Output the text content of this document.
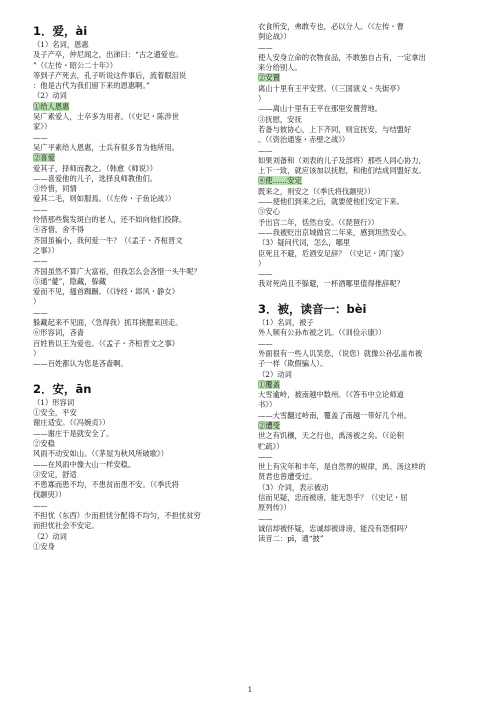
1．爱，ài
（1）名词，恩惠
及子产卒，仲尼闻之，出涕曰：“古之遗爱也。
”（《左传・昭公二十年》）
等到子产死去，孔子听说这件事后，流着眼泪说
：他是古代为我们留下来的恩惠啊。”
（2）动词
①给人恩惠
吴广素爱人，士卒多为用者。（《史记・陈涉世
家》）
——
吴广平素给人恩惠，士兵有很多肯为他所用。
②喜爱
爱其子，择师而教之。（韩愈《师说》）
——喜爱他的儿子，选择良师教他们。
③怜惜，同情
爱其二毛，则如服焉。（《左传・子鱼论战》）
——
怜惜那些鬓发斑白的老人，还不如向他们投降。
④吝惜，舍不得
齐国虽褊小，我何爱一牛？（《孟子・齐桓晋文
之事》）
——
齐国虽然不算广大富裕，但我怎么会吝惜一头牛呢？
⑤通“薆”，隐藏，躲藏
爱而不见，搔首踟蹰。（《诗经・邶风・静女》
）
——
躲藏起来不见面，（急得我）抓耳挠腮来回走。
⑥形容词，吝啬
百姓皆以王为爱也。（《孟子・齐桓晋文之事》
）
——百姓都认为您是吝啬啊。

2．安，ān
（1）形容词
①安全，平安
谢庄适安。（《冯婉贞》）
——谢庄于是就安全了。
②安稳
风雨不动安如山。（《茅屋为秋风所破歌》）
——在风雨中像大山一样安稳。
③安定，舒适
不患寡而患不均，不患贫而患不安。（《季氏将
伐颛臾》）
——
不担忧（东西）少而担忧分配得不均匀，不担忧贫穷
而担忧社会不安定。
（2）动词
①安身
衣食所安，弗敢专也，必以分人。（《左传・曹
刿论战》）
——
使人安身立命的衣物食品，不敢独自占有，一定拿出
来分给别人。
②安置
离山十里有王平安营。（《三国演义・失街亭》
）
——离山十里有王平在那里安置营地。
③抚慰，安抚
若备与彼协心，上下齐同，则宜抚安，与结盟好
。（《资治通鉴・赤壁之战》）
——
如果刘备和（刘表的儿子及部将）那些人同心协力，
上下一致，就应该加以抚慰，和他们结成同盟好友。
④使……安定
既来之，则安之（《季氏将伐颛臾》）
——使他们到来之后，就要使他们安定下来。
⑤安心
予出宫二年，恬然自安。（《琵琶行》）
——我被贬出京城做官二年来，感到坦然安心。
（3）疑问代词，怎么，哪里
臣死且不避，卮酒安足辞？（《史记・鸿门宴》
）
——
我对死尚且不躲避，一杯酒哪里值得推辞呢？

3．被，读音一：bèi
（1）名词，被子
外人频有公孙布被之讥。（《训俭示康》）
——
外面很有一些人讥笑您，（说您）就像公孙弘盖布被
子一样（欺假骗人）。
（2）动词
①覆盖
大雪逾岭，被南越中数州。（《答韦中立论师道
书》）
——大雪翻过岭南，覆盖了南越一带好几个州。
②遭受
世之有饥穰，天之行也，禹汤被之矣。（《论积
贮疏》）
——
世上有灾年和丰年，是自然界的规律，禹、汤这样的
贤君也曾遭受过。
（3）介词，表示被动
信而见疑，忠而被谤，能无怨乎？（《史记・屈
原列传》）
——
诚信却被怀疑，忠诚却被诽谤，能没有怨恨吗？
读音二：pī，通“披”
1
